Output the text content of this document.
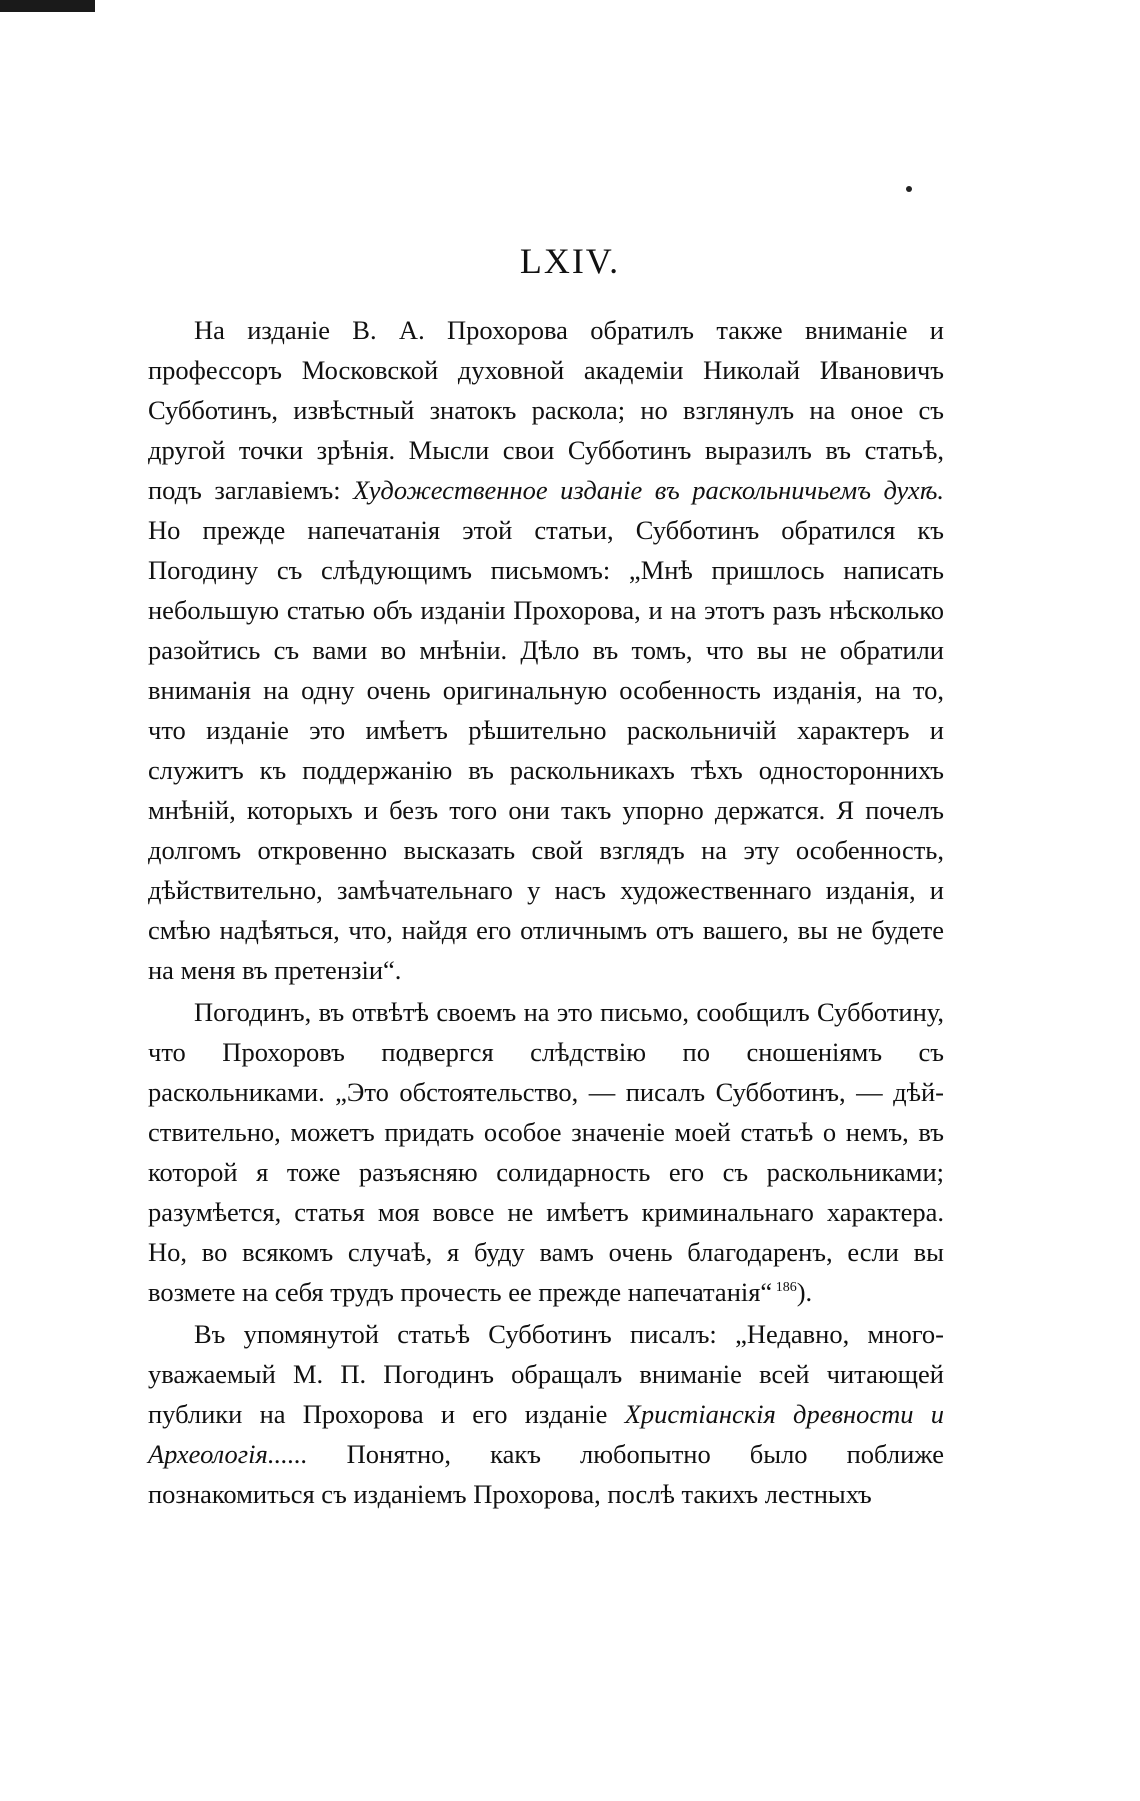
LXIV.

На изданіе В. А. Прохорова обратилъ также вниманіе и профессоръ Московской духовной академіи Николай Ивановичъ Субботинъ, извѣстный знатокъ раскола; но взглянулъ на оное съ другой точки зрѣнія. Мысли свои Субботинъ выразилъ въ статьѣ, подъ заглавіемъ: Художественное изданіе въ раскольничьемъ духѣ. Но прежде напечатанія этой статьи, Субботинъ обратился къ Погодину съ слѣдующимъ письмомъ: „Мнѣ пришлось написать небольшую статью объ изданіи Прохорова, и на этотъ разъ нѣсколько разойтись съ вами во мнѣніи. Дѣло въ томъ, что вы не обратили вниманія на одну очень оригинальную особенность изданія, на то, что изданіе это имѣетъ рѣшительно раскольничій характеръ и служитъ къ поддержанію въ раскольникахъ тѣхъ одностороннихъ мнѣній, которыхъ и безъ того они такъ упорно держатся. Я почелъ долгомъ откровенно высказать свой взглядъ на эту особенность, дѣйствительно, замѣчательнаго у насъ художественнаго изданія, и смѣю надѣяться, что, найдя его отличнымъ отъ вашего, вы не будете на меня въ претензіи“.

Погодинъ, въ отвѣтѣ своемъ на это письмо, сообщилъ Субботину, что Прохоровъ подвергся слѣдствію по сношеніямъ съ раскольниками. „Это обстоятельство, — писалъ Субботинъ, — дѣйствительно, можетъ придать особое значеніе моей статьѣ о немъ, въ которой я тоже разъясняю солидарность его съ раскольниками; разумѣется, статья моя вовсе не имѣетъ криминальнаго характера. Но, во всякомъ случаѣ, я буду вамъ очень благодаренъ, если вы возмете на себя трудъ прочесть ее прежде напечатанія“ $^{186}$).

Въ упомянутой статьѣ Субботинъ писалъ: „Недавно, многоуважаемый М. П. Погодинъ обращалъ вниманіе всей читающей публики на Прохорова и его изданіе Христіанскія древности и Археологія...... Понятно, какъ любопытно было поближе познакомиться съ изданіемъ Прохорова, послѣ такихъ лестныхъ
